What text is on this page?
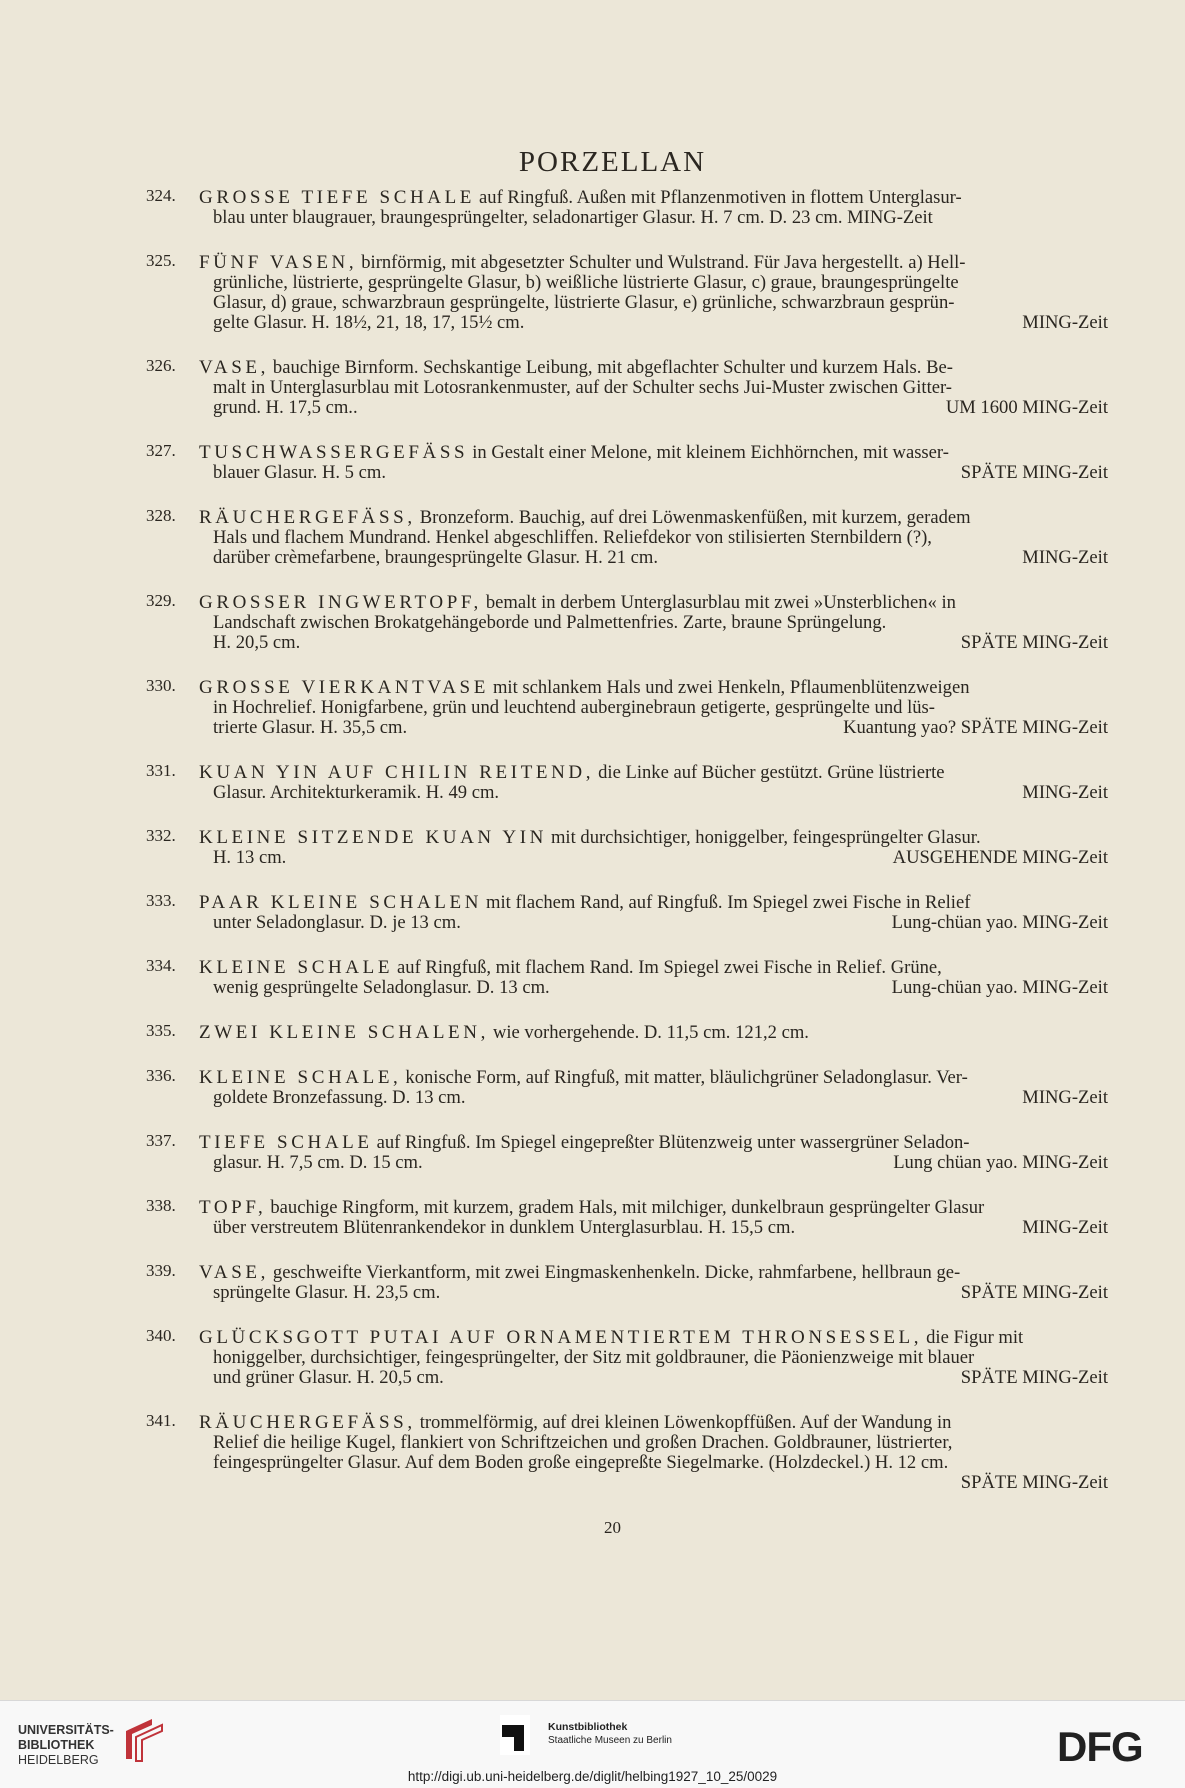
PORZELLAN
324.	GROSSE TIEFE SCHALE auf Ringfuß. Außen mit Pflanzenmotiven in flottem Unterglasur-
blau unter blaugrauer, braungesprüngelter, seladonartiger Glasur. H. 7 cm. D. 23 cm. MING-Zeit
325.	FÜNF VASEN, birnförmig, mit abgesetzter Schulter und Wulstrand. Für Java hergestellt. a) Hell-
grünliche, lüstrierte, gesprüngelte Glasur, b) weißliche lüstrierte Glasur, c) graue, braungesprüngelte
Glasur, d) graue, schwarzbraun gesprüngelte, lüstrierte Glasur, e) grünliche, schwarzbraun gesprün-
gelte Glasur. H. 18½, 21, 18, 17, 15½ cm.	MING-Zeit
326.	VASE, bauchige Birnform. Sechskantige Leibung, mit abgeflachter Schulter und kurzem Hals. Be-
malt in Unterglasurblau mit Lotosrankenmuster, auf der Schulter sechs Jui-Muster zwischen Gitter-
grund. H. 17,5 cm..	UM 1600 MING-Zeit
327.	TUSCHWASSERGEFÄSS in Gestalt einer Melone, mit kleinem Eichhörnchen, mit wasser-
blauer Glasur. H. 5 cm.	SPÄTE MING-Zeit
328.	RÄUCHERGEFÄSS, Bronzeform. Bauchig, auf drei Löwenmaskenfüßen, mit kurzem, geradem
Hals und flachem Mundrand. Henkel abgeschliffen. Reliefdekor von stilisierten Sternbildern (?),
darüber crèmefarbene, braungesprüngelte Glasur. H. 21 cm.	MING-Zeit
329.	GROSSER INGWERTOPF, bemalt in derbem Unterglasurblau mit zwei »Unsterblichen« in
Landschaft zwischen Brokatgehängeborde und Palmettenfries. Zarte, braune Sprüngelung.
H. 20,5 cm.	SPÄTE MING-Zeit
330.	GROSSE VIERKANTVASE mit schlankem Hals und zwei Henkeln, Pflaumenblütenzweigen
in Hochrelief. Honigfarbene, grün und leuchtend auberginebraun getigerte, gesprüngelte und lüs-
trierte Glasur. H. 35,5 cm.	Kuantung yao? SPÄTE MING-Zeit
331.	KUAN YIN AUF CHILIN REITEND, die Linke auf Bücher gestützt. Grüne lüstrierte
Glasur. Architekturkeramik. H. 49 cm.	MING-Zeit
332.	KLEINE SITZENDE KUAN YIN mit durchsichtiger, honiggelber, feingesprüngelter Glasur.
H. 13 cm.	AUSGEHENDE MING-Zeit
333.	PAAR KLEINE SCHALEN mit flachem Rand, auf Ringfuß. Im Spiegel zwei Fische in Relief
unter Seladonglasur. D. je 13 cm.	Lung-chüan yao. MING-Zeit
334.	KLEINE SCHALE auf Ringfuß, mit flachem Rand. Im Spiegel zwei Fische in Relief. Grüne,
wenig gesprüngelte Seladonglasur. D. 13 cm.	Lung-chüan yao. MING-Zeit
335.	ZWEI KLEINE SCHALEN, wie vorhergehende. D. 11,5 cm. 121,2 cm.
336.	KLEINE SCHALE, konische Form, auf Ringfuß, mit matter, bläulichgrüner Seladonglasur. Ver-
goldete Bronzefassung. D. 13 cm.	MING-Zeit
337.	TIEFE SCHALE auf Ringfuß. Im Spiegel eingepreßter Blütenzweig unter wassergrüner Seladon-
glasur. H. 7,5 cm. D. 15 cm.	Lung chüan yao. MING-Zeit
338.	TOPF, bauchige Ringform, mit kurzem, gradem Hals, mit milchiger, dunkelbraun gesprüngelter Glasur
über verstreutem Blütenrankendekor in dunklem Unterglasurblau. H. 15,5 cm.	MING-Zeit
339.	VASE, geschweifte Vierkantform, mit zwei Eingmaskenhenkeln. Dicke, rahmfarbene, hellbraun ge-
sprüngelte Glasur. H. 23,5 cm.	SPÄTE MING-Zeit
340.	GLÜCKSGOTT PUTAI AUF ORNAMENTIERTEM THRONSESSEL, die Figur mit
honiggelber, durchsichtiger, feingesprüngelter, der Sitz mit goldbrauner, die Päonienzweige mit blauer
und grüner Glasur. H. 20,5 cm.	SPÄTE MING-Zeit
341.	RÄUCHERGEFÄSS, trommelförmig, auf drei kleinen Löwenkopffüßen. Auf der Wandung in
Relief die heilige Kugel, flankiert von Schriftzeichen und großen Drachen. Goldbrauner, lüstrierter,
feingesprüngelter Glasur. Auf dem Boden große eingepreßte Siegelmarke. (Holzdeckel.) H. 12 cm.
SPÄTE MING-Zeit
20
UNIVERSITÄTS-
BIBLIOTHEK
HEIDELBERG
Kunstbibliothek
Staatliche Museen zu Berlin	DFG
http://digi.ub.uni-heidelberg.de/diglit/helbing1927_10_25/0029
